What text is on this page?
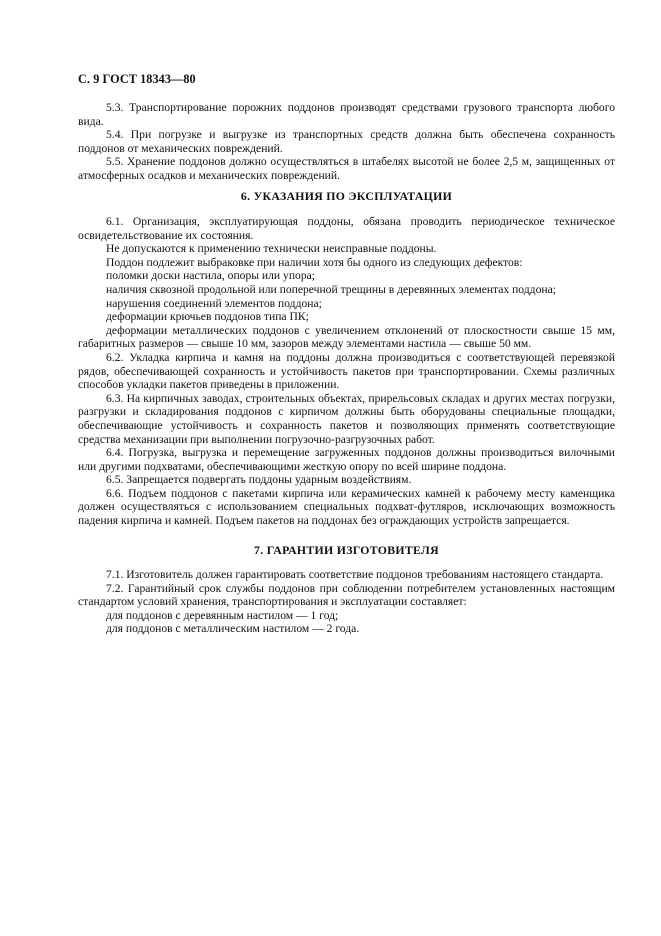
С. 9 ГОСТ 18343—80

5.3. Транспортирование порожних поддонов производят средствами грузового транспорта любого вида.

5.4. При погрузке и выгрузке из транспортных средств должна быть обеспечена сохранность поддонов от механических повреждений.

5.5. Хранение поддонов должно осуществляться в штабелях высотой не более 2,5 м, защищенных от атмосферных осадков и механических повреждений.

6. УКАЗАНИЯ ПО ЭКСПЛУАТАЦИИ

6.1. Организация, эксплуатирующая поддоны, обязана проводить периодическое техническое освидетельствование их состояния.

Не допускаются к применению технически неисправные поддоны.

Поддон подлежит выбраковке при наличии хотя бы одного из следующих дефектов:

поломки доски настила, опоры или упора;

наличия сквозной продольной или поперечной трещины в деревянных элементах поддона;

нарушения соединений элементов поддона;

деформации крючьев поддонов типа ПК;

деформации металлических поддонов с увеличением отклонений от плоскостности свыше 15 мм, габаритных размеров — свыше 10 мм, зазоров между элементами настила — свыше 50 мм.

6.2. Укладка кирпича и камня на поддоны должна производиться с соответствующей перевязкой рядов, обеспечивающей сохранность и устойчивость пакетов при транспортировании. Схемы различных способов укладки пакетов приведены в приложении.

6.3. На кирпичных заводах, строительных объектах, прирельсовых складах и других местах погрузки, разгрузки и складирования поддонов с кирпичом должны быть оборудованы специальные площадки, обеспечивающие устойчивость и сохранность пакетов и позволяющих применять соответствующие средства механизации при выполнении погрузочно-разгрузочных работ.

6.4. Погрузка, выгрузка и перемещение загруженных поддонов должны производиться вилочными или другими подхватами, обеспечивающими жесткую опору по всей ширине поддона.

6.5. Запрещается подвергать поддоны ударным воздействиям.

6.6. Подъем поддонов с пакетами кирпича или керамических камней к рабочему месту каменщика должен осуществляться с использованием специальных подхват-футляров, исключающих возможность падения кирпича и камней. Подъем пакетов на поддонах без ограждающих устройств запрещается.

7. ГАРАНТИИ ИЗГОТОВИТЕЛЯ

7.1. Изготовитель должен гарантировать соответствие поддонов требованиям настоящего стандарта.

7.2. Гарантийный срок службы поддонов при соблюдении потребителем установленных настоящим стандартом условий хранения, транспортирования и эксплуатации составляет:

для поддонов с деревянным настилом — 1 год;

для поддонов с металлическим настилом — 2 года.
